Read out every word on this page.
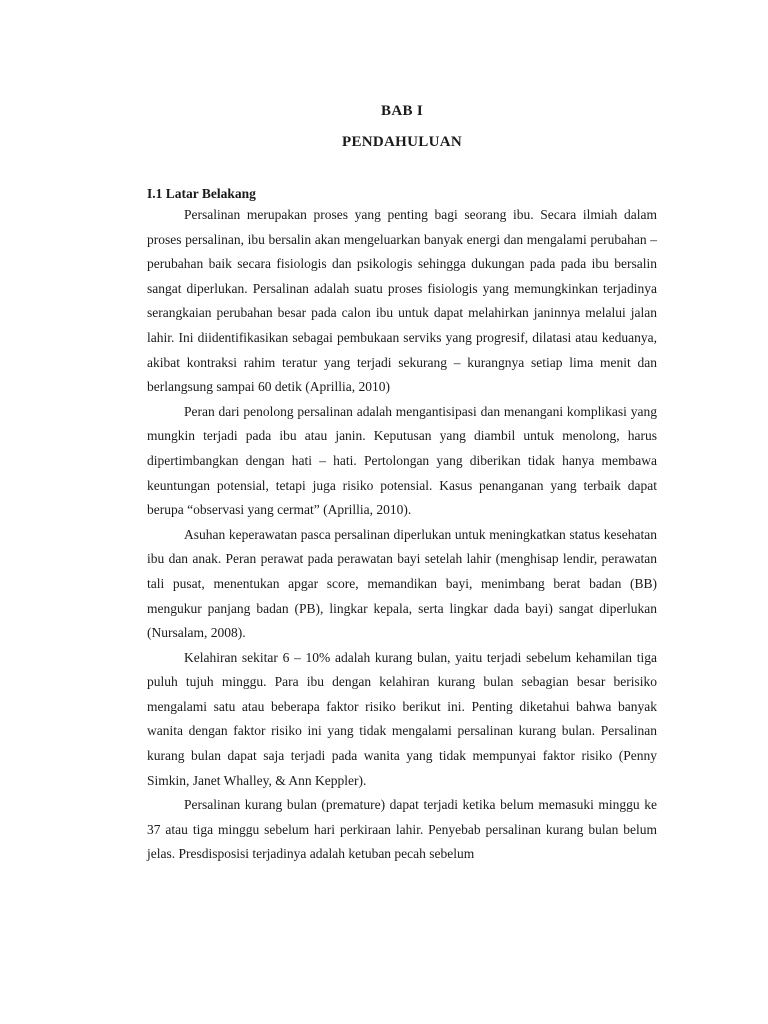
BAB I
PENDAHULUAN
I.1 Latar Belakang

Persalinan merupakan proses yang penting bagi seorang ibu. Secara ilmiah dalam proses persalinan, ibu bersalin akan mengeluarkan banyak energi dan mengalami perubahan – perubahan baik secara fisiologis dan psikologis sehingga dukungan pada pada ibu bersalin sangat diperlukan. Persalinan adalah suatu proses fisiologis yang memungkinkan terjadinya serangkaian perubahan besar pada calon ibu untuk dapat melahirkan janinnya melalui jalan lahir. Ini diidentifikasikan sebagai pembukaan serviks yang progresif, dilatasi atau keduanya, akibat kontraksi rahim teratur yang terjadi sekurang – kurangnya setiap lima menit dan berlangsung sampai 60 detik (Aprillia, 2010)

Peran dari penolong persalinan adalah mengantisipasi dan menangani komplikasi yang mungkin terjadi pada ibu atau janin. Keputusan yang diambil untuk menolong, harus dipertimbangkan dengan hati – hati. Pertolongan yang diberikan tidak hanya membawa keuntungan potensial, tetapi juga risiko potensial. Kasus penanganan yang terbaik dapat berupa “observasi yang cermat” (Aprillia, 2010).

Asuhan keperawatan pasca persalinan diperlukan untuk meningkatkan status kesehatan ibu dan anak. Peran perawat pada perawatan bayi setelah lahir (menghisap lendir, perawatan tali pusat, menentukan apgar score, memandikan bayi, menimbang berat badan (BB) mengukur panjang badan (PB), lingkar kepala, serta lingkar dada bayi) sangat diperlukan (Nursalam, 2008).

Kelahiran sekitar 6 – 10% adalah kurang bulan, yaitu terjadi sebelum kehamilan tiga puluh tujuh minggu. Para ibu dengan kelahiran kurang bulan sebagian besar berisiko mengalami satu atau beberapa faktor risiko berikut ini. Penting diketahui bahwa banyak wanita dengan faktor risiko ini yang tidak mengalami persalinan kurang bulan. Persalinan kurang bulan dapat saja terjadi pada wanita yang tidak mempunyai faktor risiko (Penny Simkin, Janet Whalley, & Ann Keppler).

Persalinan kurang bulan (premature) dapat terjadi ketika belum memasuki minggu ke 37 atau tiga minggu sebelum hari perkiraan lahir. Penyebab persalinan kurang bulan belum jelas. Presdisposisi terjadinya adalah ketuban pecah sebelum
